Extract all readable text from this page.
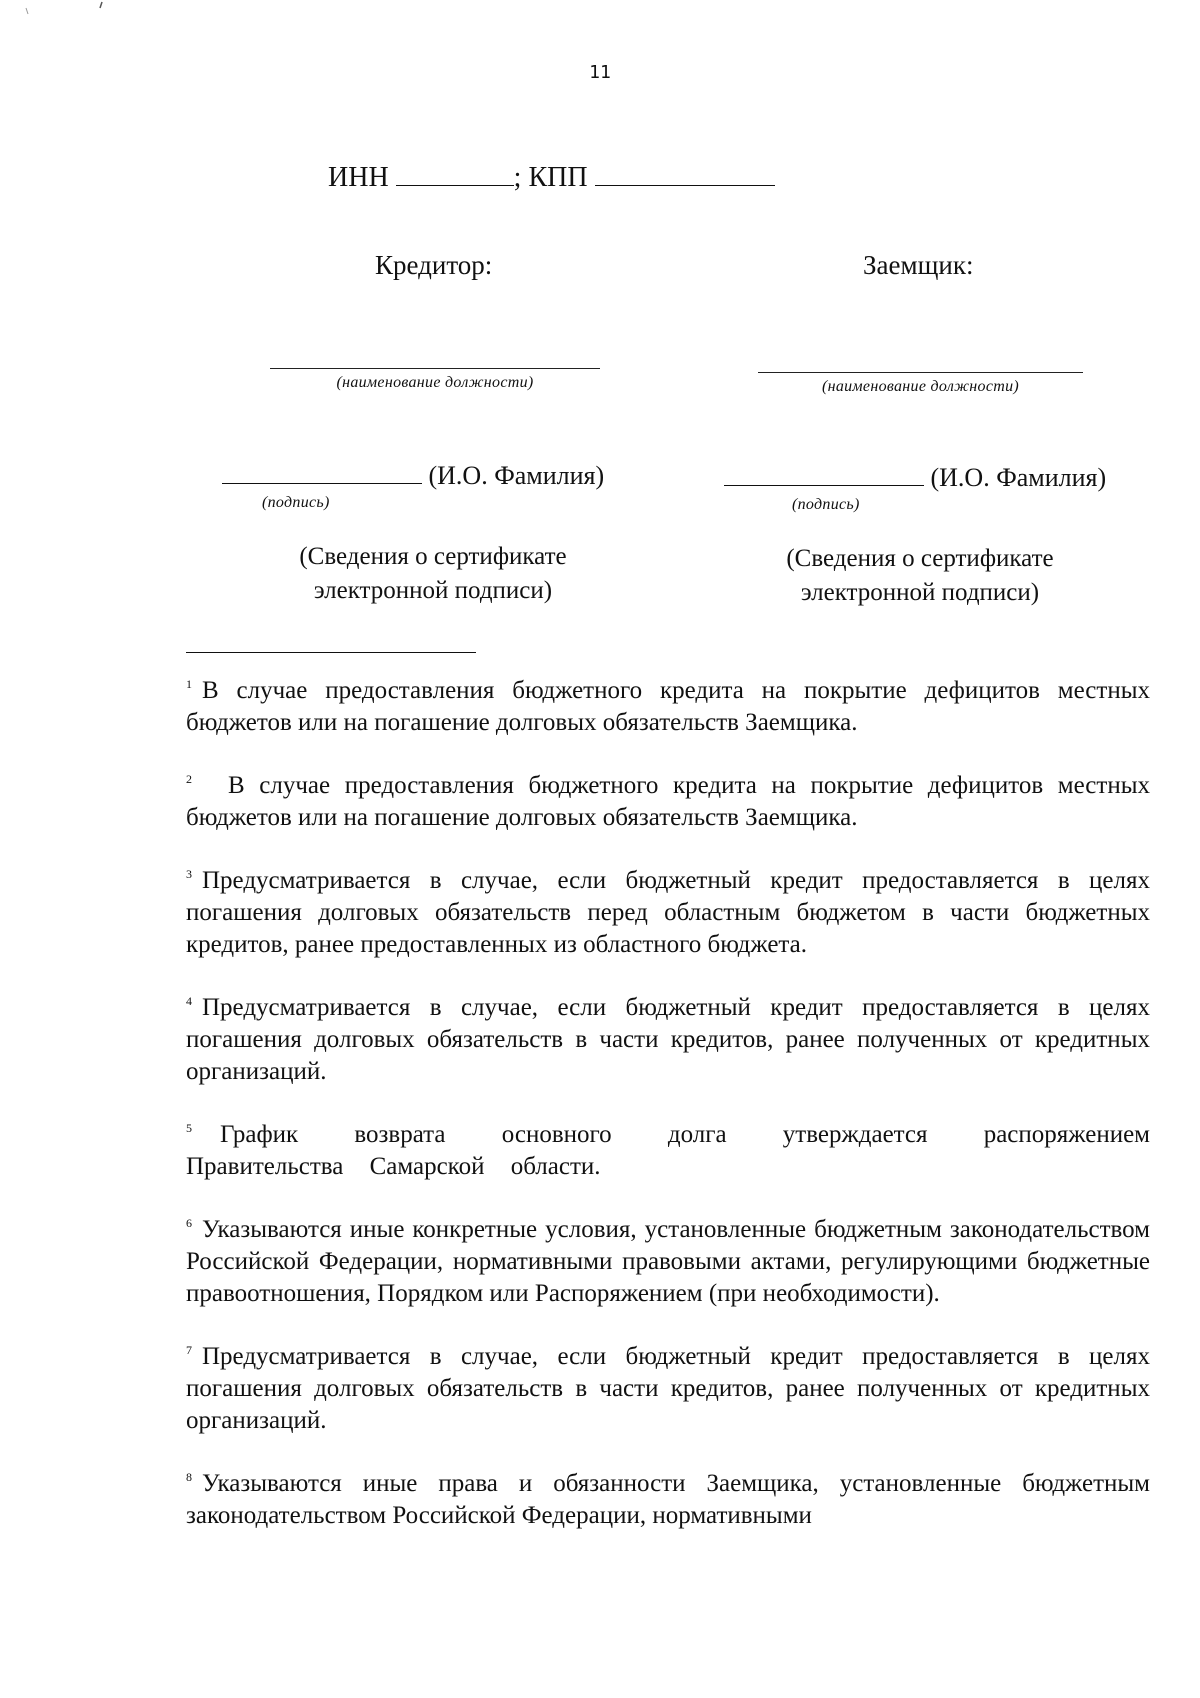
11
ИНН	; КПП
Кредитор:
(наименование должности)
(И.О. Фамилия)
(подпись)
(Сведения о сертификате
электронной подписи)
Заемщик:
(наименование должности)
(И.О. Фамилия)
(подпись)
(Сведения о сертификате
электронной подписи)

$^1$ В случае предоставления бюджетного кредита на покрытие дефицитов местных бюджетов или на погашение долговых обязательств Заемщика.

$^2$ В случае предоставления бюджетного кредита на покрытие дефицитов местных бюджетов или на погашение долговых обязательств Заемщика.

$^3$ Предусматривается в случае, если бюджетный кредит предоставляется в целях погашения долговых обязательств перед областным бюджетом в части бюджетных кредитов, ранее предоставленных из областного бюджета.

$^4$ Предусматривается в случае, если бюджетный кредит предоставляется в целях погашения долговых обязательств в части кредитов, ранее полученных от кредитных организаций.

$^5$ График возврата основного долга утверждается распоряжением Правительства Самарской области.

$^6$ Указываются иные конкретные условия, установленные бюджетным законодательством Российской Федерации, нормативными правовыми актами, регулирующими бюджетные правоотношения, Порядком или Распоряжением (при необходимости).

$^7$ Предусматривается в случае, если бюджетный кредит предоставляется в целях погашения долговых обязательств в части кредитов, ранее полученных от кредитных организаций.

$^8$ Указываются иные права и обязанности Заемщика, установленные бюджетным законодательством Российской Федерации, нормативными
